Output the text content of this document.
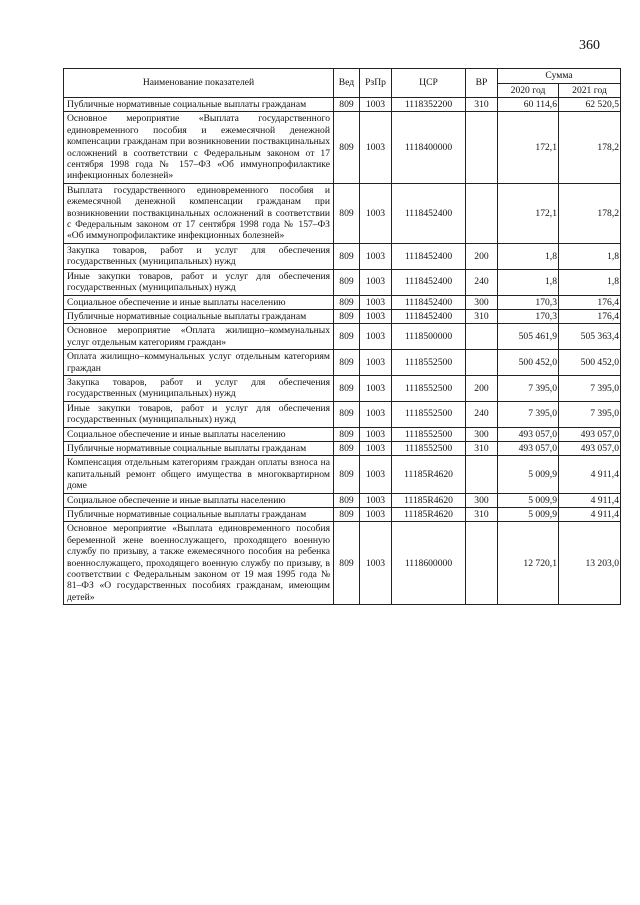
360
Наименование показателей	Вед	РзПр	ЦСР	ВР	Сумма	
					2020 год	2021 год
Публичные нормативные социальные выплаты гражданам	809	1003	1118352200	310	60 114,6	62 520,5
Основное мероприятие «Выплата государственного единовременного пособия и ежемесячной денежной компенсации гражданам при возникновении поствакцинальных осложнений в соответствии с Федеральным законом от 17 сентября 1998 года № 157–ФЗ «Об иммунопрофилактике инфекционных болезней»	809	1003	1118400000		172,1	178,2
Выплата государственного единовременного пособия и ежемесячной денежной компенсации гражданам при возникновении поствакцинальных осложнений в соответствии с Федеральным законом от 17 сентября 1998 года № 157–ФЗ «Об иммунопрофилактике инфекционных болезней»	809	1003	1118452400		172,1	178,2
Закупка товаров, работ и услуг для обеспечения государственных (муниципальных) нужд	809	1003	1118452400	200	1,8	1,8
Иные закупки товаров, работ и услуг для обеспечения государственных (муниципальных) нужд	809	1003	1118452400	240	1,8	1,8
Социальное обеспечение и иные выплаты населению	809	1003	1118452400	300	170,3	176,4
Публичные нормативные социальные выплаты гражданам	809	1003	1118452400	310	170,3	176,4
Основное мероприятие «Оплата жилищно–коммунальных услуг отдельным категориям граждан»	809	1003	1118500000		505 461,9	505 363,4
Оплата жилищно–коммунальных услуг отдельным категориям граждан	809	1003	1118552500		500 452,0	500 452,0
Закупка товаров, работ и услуг для обеспечения государственных (муниципальных) нужд	809	1003	1118552500	200	7 395,0	7 395,0
Иные закупки товаров, работ и услуг для обеспечения государственных (муниципальных) нужд	809	1003	1118552500	240	7 395,0	7 395,0
Социальное обеспечение и иные выплаты населению	809	1003	1118552500	300	493 057,0	493 057,0
Публичные нормативные социальные выплаты гражданам	809	1003	1118552500	310	493 057,0	493 057,0
Компенсация отдельным категориям граждан оплаты взноса на капитальный ремонт общего имущества в многоквартирном доме	809	1003	11185R4620		5 009,9	4 911,4
Социальное обеспечение и иные выплаты населению	809	1003	11185R4620	300	5 009,9	4 911,4
Публичные нормативные социальные выплаты гражданам	809	1003	11185R4620	310	5 009,9	4 911,4
Основное мероприятие «Выплата единовременного пособия беременной жене военнослужащего, проходящего военную службу по призыву, а также ежемесячного пособия на ребенка военнослужащего, проходящего военную службу по призыву, в соответствии с Федеральным законом от 19 мая 1995 года № 81–ФЗ «О государственных пособиях гражданам, имеющим детей»	809	1003	1118600000		12 720,1	13 203,0
